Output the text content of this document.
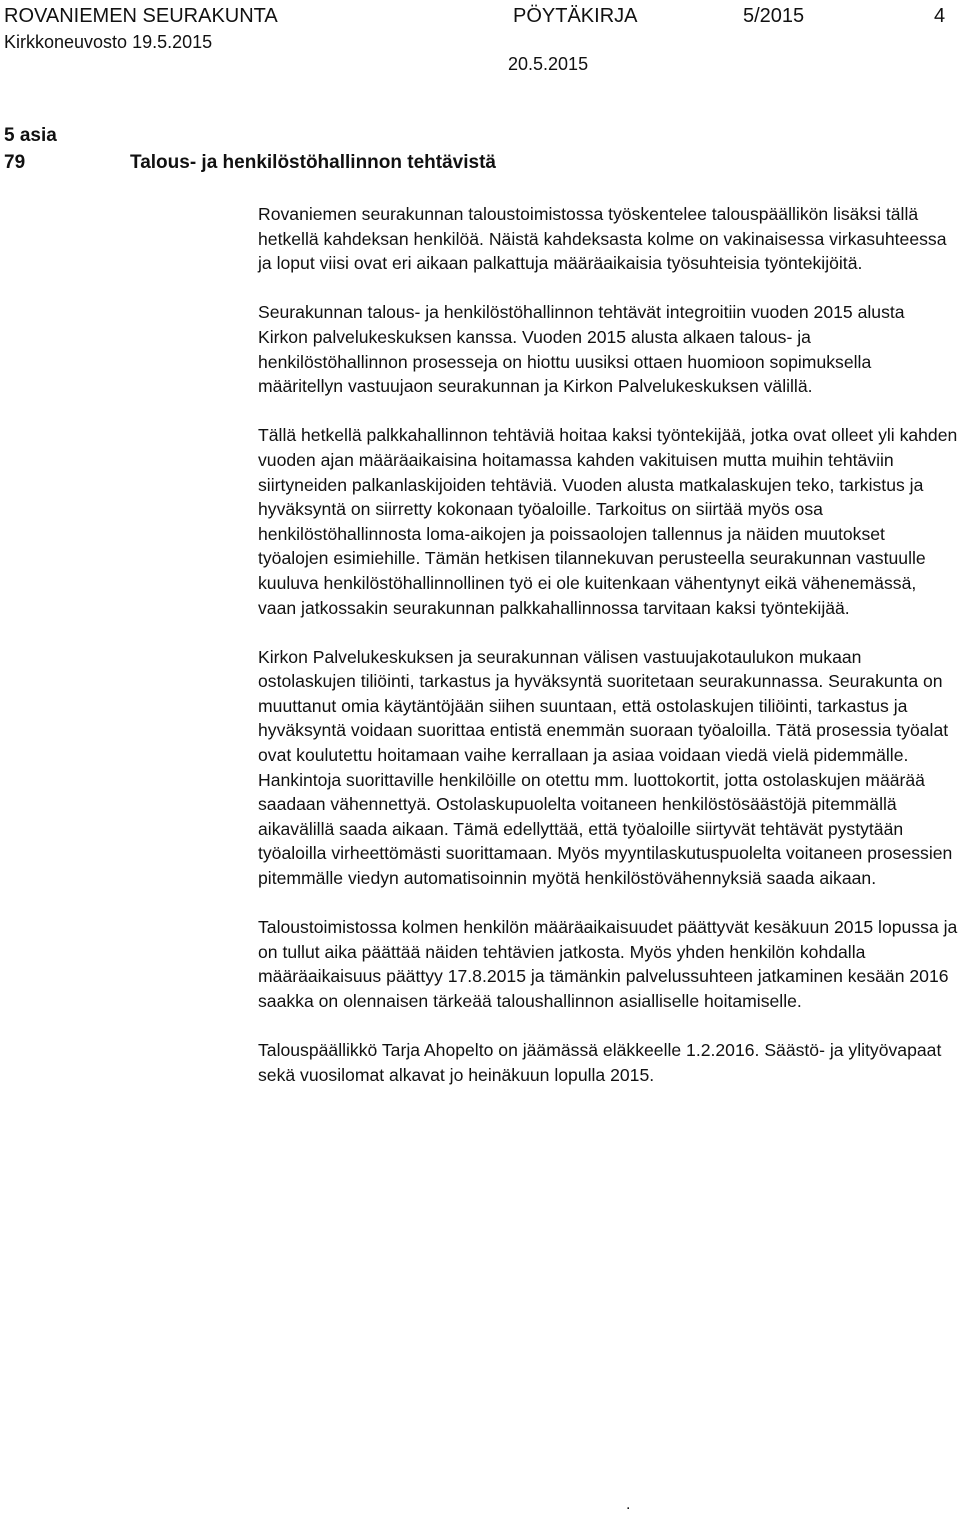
ROVANIEMEN SEURAKUNTA	PÖYTÄKIRJA	5/2015	4
Kirkkoneuvosto 19.5.2015
20.5.2015
5 asia
79	Talous- ja henkilöstöhallinnon tehtävistä

Rovaniemen seurakunnan taloustoimistossa työskentelee talouspäällikön lisäksi tällä hetkellä kahdeksan henkilöä. Näistä kahdeksasta kolme on vakinaisessa virkasuhteessa ja loput viisi ovat eri aikaan palkattuja määräaikaisia työsuhteisia työntekijöitä.

Seurakunnan talous- ja henkilöstöhallinnon tehtävät integroitiin vuoden 2015 alusta Kirkon palvelukeskuksen kanssa. Vuoden 2015 alusta alkaen talous- ja henkilöstöhallinnon prosesseja on hiottu uusiksi ottaen huomioon sopimuksella määritellyn vastuujaon seurakunnan ja Kirkon Palvelukeskuksen välillä.

Tällä hetkellä palkkahallinnon tehtäviä hoitaa kaksi työntekijää, jotka ovat olleet yli kahden vuoden ajan määräaikaisina hoitamassa kahden vakituisen mutta muihin tehtäviin siirtyneiden palkanlaskijoiden tehtäviä. Vuoden alusta matkalaskujen teko, tarkistus ja hyväksyntä on siirretty kokonaan työaloille. Tarkoitus on siirtää myös osa henkilöstöhallinnosta loma-aikojen ja poissaolojen tallennus ja näiden muutokset työalojen esimiehille. Tämän hetkisen tilannekuvan perusteella seurakunnan vastuulle kuuluva henkilöstöhallinnollinen työ ei ole kuitenkaan vähentynyt eikä vähenemässä, vaan jatkossakin seurakunnan palkkahallinnossa tarvitaan kaksi työntekijää.

Kirkon Palvelukeskuksen ja seurakunnan välisen vastuujakotaulukon mukaan ostolaskujen tiliöinti, tarkastus ja hyväksyntä suoritetaan seurakunnassa. Seurakunta on muuttanut omia käytäntöjään siihen suuntaan, että ostolaskujen tiliöinti, tarkastus ja hyväksyntä voidaan suorittaa entistä enemmän suoraan työaloilla. Tätä prosessia työalat ovat koulutettu hoitamaan vaihe kerrallaan ja asiaa voidaan viedä vielä pidemmälle. Hankintoja suorittaville henkilöille on otettu mm. luottokortit, jotta ostolaskujen määrää saadaan vähennettyä. Ostolaskupuolelta voitaneen henkilöstösäästöjä pitemmällä aikavälillä saada aikaan. Tämä edellyttää, että työaloille siirtyvät tehtävät pystytään työaloilla virheettömästi suorittamaan. Myös myyntilaskutuspuolelta voitaneen prosessien pitemmälle viedyn automatisoinnin myötä henkilöstövähennyksiä saada aikaan.

Taloustoimistossa kolmen henkilön määräaikaisuudet päättyvät kesäkuun 2015 lopussa ja on tullut aika päättää näiden tehtävien jatkosta. Myös yhden henkilön kohdalla määräaikaisuus päättyy 17.8.2015 ja tämänkin palvelussuhteen jatkaminen kesään 2016 saakka on olennaisen tärkeää taloushallinnon asialliselle hoitamiselle.

Talouspäällikkö Tarja Ahopelto on jäämässä eläkkeelle 1.2.2016. Säästö- ja ylityövapaat sekä vuosilomat alkavat jo heinäkuun lopulla 2015.

.
